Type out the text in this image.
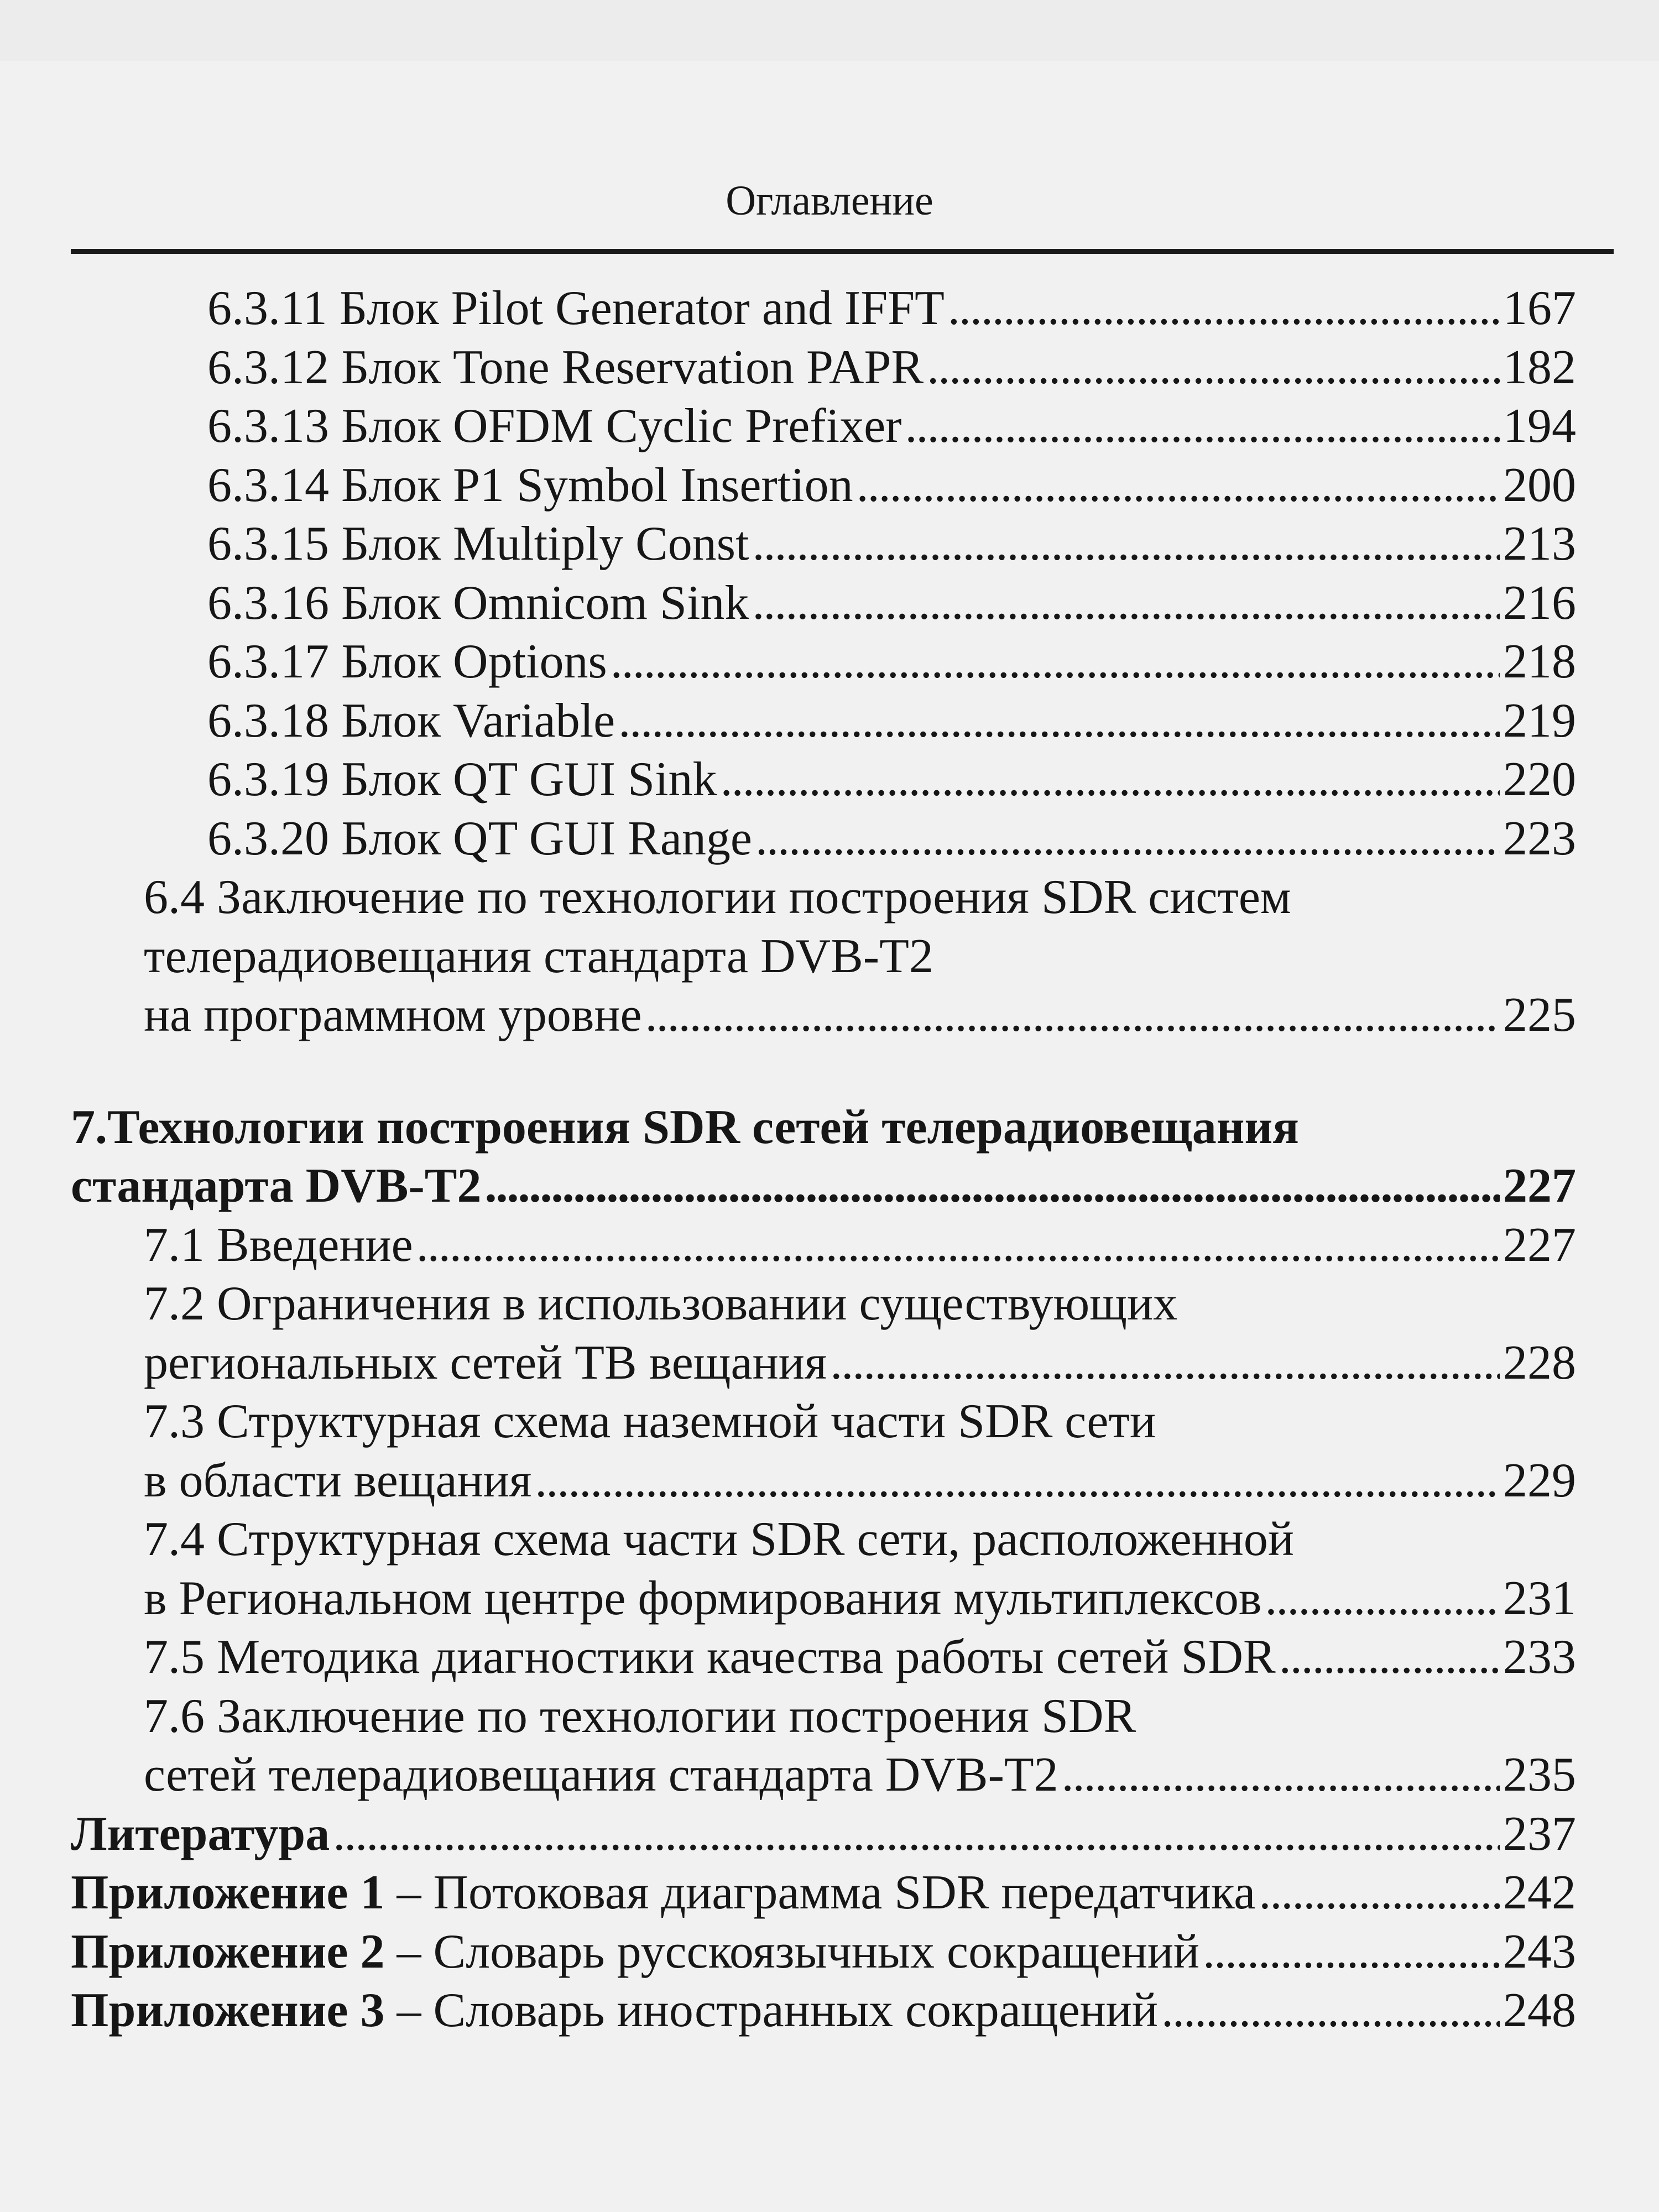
Оглавление
6.3.11 Блок Pilot Generator and IFFT . . .	167
6.3.12 Блок Tone Reservation PAPR . . .	182
6.3.13 Блок OFDM Cyclic Prefixer . . .	194
6.3.14 Блок P1 Symbol Insertion . . .	200
6.3.15 Блок Multiply Const . . .	213
6.3.16 Блок Omnicom Sink . . .	216
6.3.17 Блок Options . . .	218
6.3.18 Блок Variable . . .	219
6.3.19 Блок QT GUI Sink . . .	220
6.3.20 Блок QT GUI Range . . .	223
6.4 Заключение по технологии построения SDR систем
телерадиовещания стандарта DVB-T2
на программном уровне . . .	225
7.Технологии построения SDR сетей телерадиовещания
стандарта DVB-T2 . . .	227
7.1 Введение . . .	227
7.2 Ограничения в использовании существующих
региональных сетей ТВ вещания . . .	228
7.3 Структурная схема наземной части SDR сети
в области вещания . . .	229
7.4 Структурная схема части SDR сети, расположенной
в Региональном центре формирования мультиплексов . . .	231
7.5 Методика диагностики качества работы сетей SDR . . .	233
7.6 Заключение по технологии построения SDR
сетей телерадиовещания стандарта DVB-T2 . . .	235
Литература . . .	237
Приложение 1 – Потоковая диаграмма SDR передатчика . . .	242
Приложение 2 – Словарь русскоязычных сокращений . . .	243
Приложение 3 – Словарь иностранных сокращений . . .	248
